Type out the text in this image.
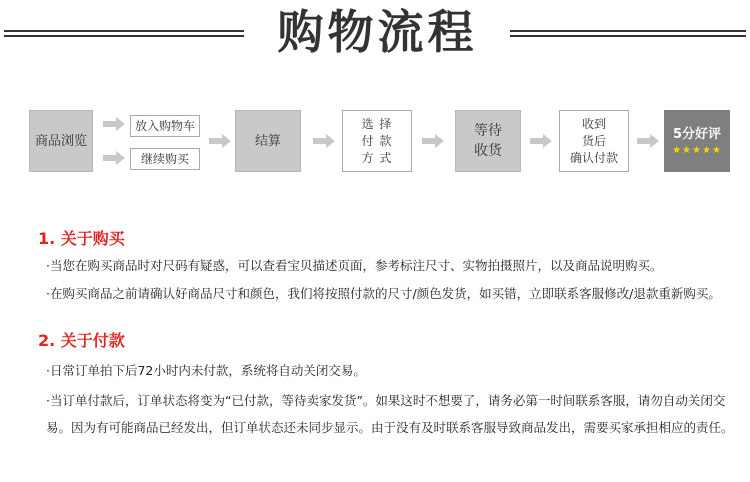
购物流程
商品浏览
放入购物车
继续购买
结算
选 择
付 款
方 式
等待
收货
收到
货后
确认付款
5分好评
★★★★★
1. 关于购买
·当您在购买商品时对尺码有疑惑，可以查看宝贝描述页面，参考标注尺寸、实物拍摄照片，以及商品说明购买。
·在购买商品之前请确认好商品尺寸和颜色，我们将按照付款的尺寸/颜色发货，如买错，立即联系客服修改/退款重新购买。
2. 关于付款
·日常订单拍下后72小时内未付款，系统将自动关闭交易。
·当订单付款后，订单状态将变为“已付款，等待卖家发货”。如果这时不想要了，请务必第一时间联系客服，请勿自动关闭交易。因为有可能商品已经发出，但订单状态还未同步显示。由于没有及时联系客服导致商品发出，需要买家承担相应的责任。
